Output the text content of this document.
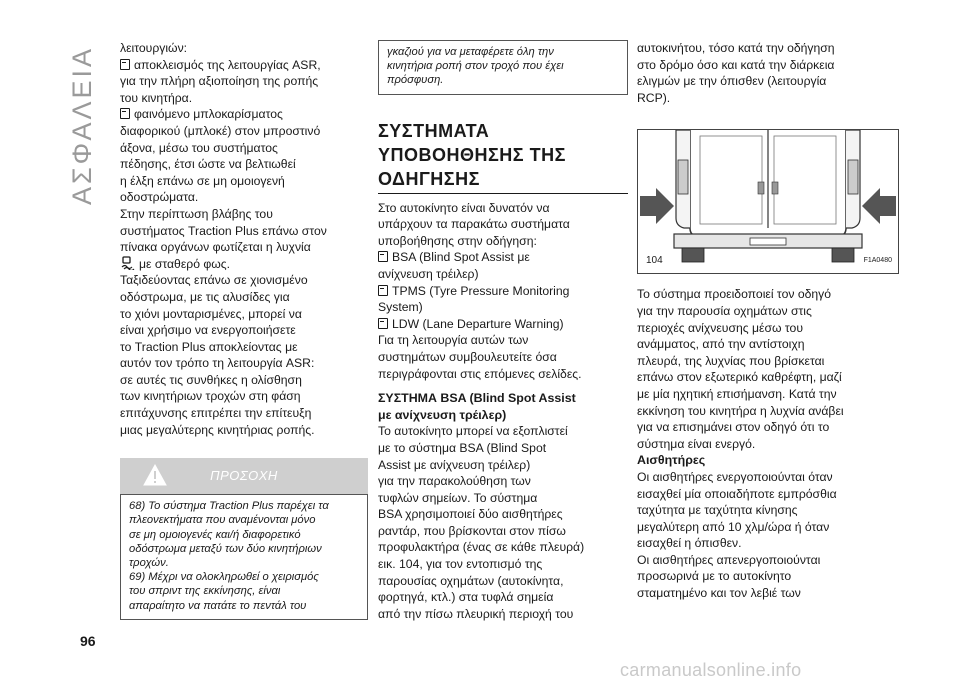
ΑΣΦΑΛΕΙΑ
96

λειτουργιών:

αποκλεισμός της λειτουργίας ASR,

για την πλήρη αξιοποίηση της ροπής

του κινητήρα.

φαινόμενο μπλοκαρίσματος

διαφορικού (μπλοκέ) στον μπροστινό

άξονα, μέσω του συστήματος

πέδησης, έτσι ώστε να βελτιωθεί

η έλξη επάνω σε μη ομοιογενή

οδοστρώματα.

Στην περίπτωση βλάβης του

συστήματος Traction Plus επάνω στον

πίνακα οργάνων φωτίζεται η λυχνία

με σταθερό φως.

Ταξιδεύοντας επάνω σε χιονισμένο

οδόστρωμα, με τις αλυσίδες για

το χιόνι μονταρισμένες, μπορεί να

είναι χρήσιμο να ενεργοποιήσετε

το Traction Plus αποκλείοντας με

αυτόν τον τρόπο τη λειτουργία ASR:

σε αυτές τις συνθήκες η ολίσθηση

των κινητήριων τροχών στη φάση

επιτάχυνσης επιτρέπει την επίτευξη

μιας μεγαλύτερης κινητήριας ροπής.

ΠΡΟΣΟΧΗ

68) Το σύστημα Traction Plus παρέχει τα

πλεονεκτήματα που αναμένονται μόνο

σε μη ομοιογενές και/ή διαφορετικό

οδόστρωμα μεταξύ των δύο κινητήριων

τροχών.

69) Μέχρι να ολοκληρωθεί ο χειρισμός

του σπριντ της εκκίνησης, είναι

απαραίτητο να πατάτε το πεντάλ του

γκαζιού για να μεταφέρετε όλη την

κινητήρια ροπή στον τροχό που έχει

πρόσφυση.

ΣΥΣΤΗΜΑΤΑ
ΥΠΟΒΟΗΘΗΣΗΣ ΤΗΣ
ΟΔΗΓΗΣΗΣ

Στο αυτοκίνητο είναι δυνατόν να

υπάρχουν τα παρακάτω συστήματα

υποβοήθησης στην οδήγηση:

BSA (Blind Spot Assist με

ανίχνευση τρέιλερ)

TPMS (Tyre Pressure Monitoring

System)

LDW (Lane Departure Warning)

Για τη λειτουργία αυτών των

συστημάτων συμβουλευτείτε όσα

περιγράφονται στις επόμενες σελίδες.

ΣΥΣΤΗΜΑ BSA (Blind Spot Assist
με ανίχνευση τρέιλερ)

Το αυτοκίνητο μπορεί να εξοπλιστεί

με το σύστημα BSA (Blind Spot

Assist με ανίχνευση τρέιλερ)

για την παρακολούθηση των

τυφλών σημείων. Το σύστημα

BSA χρησιμοποιεί δύο αισθητήρες

ραντάρ, που βρίσκονται στον πίσω

προφυλακτήρα (ένας σε κάθε πλευρά)

εικ. 104, για τον εντοπισμό της

παρουσίας οχημάτων (αυτοκίνητα,

φορτηγά, κτλ.) στα τυφλά σημεία

από την πίσω πλευρική περιοχή του

αυτοκινήτου, τόσο κατά την οδήγηση

στο δρόμο όσο και κατά την διάρκεια

ελιγμών με την όπισθεν (λειτουργία

RCP).

104	F1A0480

Το σύστημα προειδοποιεί τον οδηγό

για την παρουσία οχημάτων στις

περιοχές ανίχνευσης μέσω του

ανάμματος, από την αντίστοιχη

πλευρά, της λυχνίας που βρίσκεται

επάνω στον εξωτερικό καθρέφτη, μαζί

με μία ηχητική επισήμανση. Κατά την

εκκίνηση του κινητήρα η λυχνία ανάβει

για να επισημάνει στον οδηγό ότι το

σύστημα είναι ενεργό.

Αισθητήρες

Οι αισθητήρες ενεργοποιούνται όταν

εισαχθεί μία οποιαδήποτε εμπρόσθια

ταχύτητα με ταχύτητα κίνησης

μεγαλύτερη από 10 χλμ/ώρα ή όταν

εισαχθεί η όπισθεν.

Οι αισθητήρες απενεργοποιούνται

προσωρινά με το αυτοκίνητο

σταματημένο και τον λεβιέ των

carmanualsonline.info
